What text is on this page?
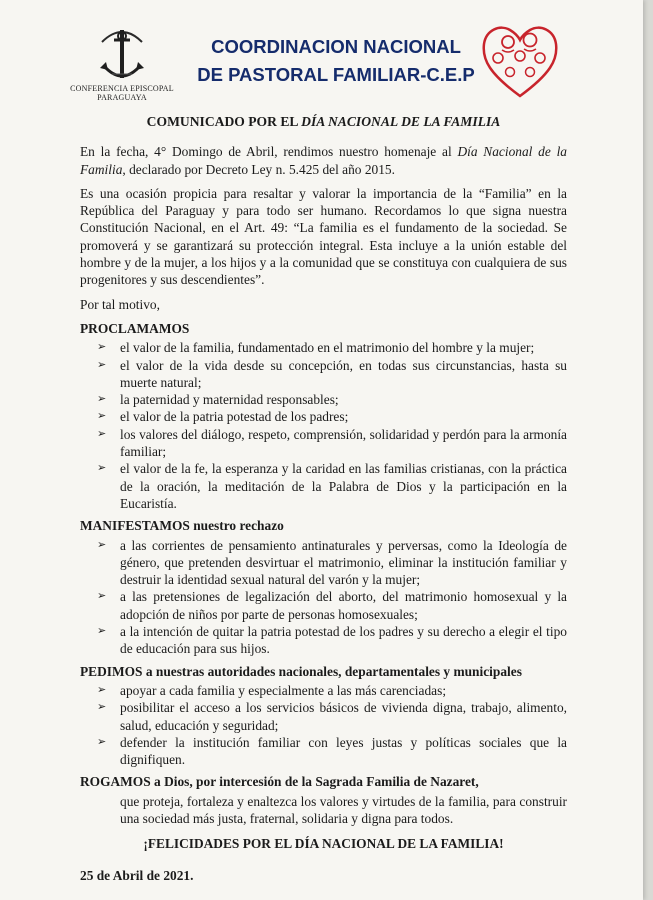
CONFERENCIA EPISCOPAL
PARAGUAYA
COORDINACION NACIONAL
DE PASTORAL FAMILIAR-C.E.P
COMUNICADO POR EL DÍA NACIONAL DE LA FAMILIA

En la fecha, 4° Domingo de Abril, rendimos nuestro homenaje al Día Nacional de la Familia, declarado por Decreto Ley n. 5.425 del año 2015.

Es una ocasión propicia para resaltar y valorar la importancia de la “Familia” en la República del Paraguay y para todo ser humano. Recordamos lo que signa nuestra Constitución Nacional, en el Art. 49: “La familia es el fundamento de la sociedad. Se promoverá y se garantizará su protección integral. Esta incluye a la unión estable del hombre y de la mujer, a los hijos y a la comunidad que se constituya con cualquiera de sus progenitores y sus descendientes”.

Por tal motivo,

PROCLAMAMOS
➢ el valor de la familia, fundamentado en el matrimonio del hombre y la mujer;
➢ el valor de la vida desde su concepción, en todas sus circunstancias, hasta su muerte natural;
➢ la paternidad y maternidad responsables;
➢ el valor de la patria potestad de los padres;
➢ los valores del diálogo, respeto, comprensión, solidaridad y perdón para la armonía familiar;
➢ el valor de la fe, la esperanza y la caridad en las familias cristianas, con la práctica de la oración, la meditación de la Palabra de Dios y la participación en la Eucaristía.
MANIFESTAMOS nuestro rechazo
➢ a las corrientes de pensamiento antinaturales y perversas, como la Ideología de género, que pretenden desvirtuar el matrimonio, eliminar la institución familiar y destruir la identidad sexual natural del varón y la mujer;
➢ a las pretensiones de legalización del aborto, del matrimonio homosexual y la adopción de niños por parte de personas homosexuales;
➢ a la intención de quitar la patria potestad de los padres y su derecho a elegir el tipo de educación para sus hijos.
PEDIMOS a nuestras autoridades nacionales, departamentales y municipales
➢ apoyar a cada familia y especialmente a las más carenciadas;
➢ posibilitar el acceso a los servicios básicos de vivienda digna, trabajo, alimento, salud, educación y seguridad;
➢ defender la institución familiar con leyes justas y políticas sociales que la dignifiquen.
ROGAMOS a Dios, por intercesión de la Sagrada Familia de Nazaret,

que proteja, fortaleza y enaltezca los valores y virtudes de la familia, para construir una sociedad más justa, fraternal, solidaria y digna para todos.

¡FELICIDADES POR EL DÍA NACIONAL DE LA FAMILIA!
25 de Abril de 2021.
